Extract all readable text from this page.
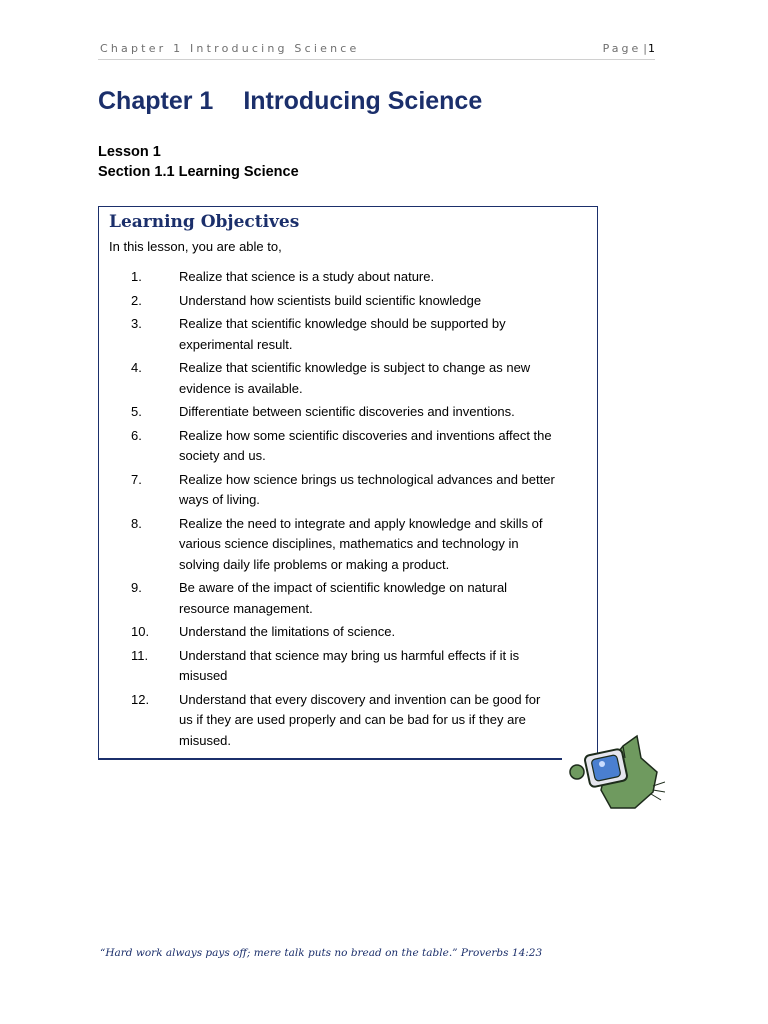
Chapter 1 Introducing Science	Page |1
Chapter 1 Introducing Science
Lesson 1
Section 1.1 Learning Science
Learning Objectives
In this lesson, you are able to,
1.	Realize that science is a study about nature.
2.	Understand how scientists build scientific knowledge
3.	Realize that scientific knowledge should be supported by
experimental result.
4.	Realize that scientific knowledge is subject to change as new
evidence is available.
5.	Differentiate between scientific discoveries and inventions.
6.	Realize how some scientific discoveries and inventions affect the
society and us.
7.	Realize how science brings us technological advances and better
ways of living.
8.	Realize the need to integrate and apply knowledge and skills of
various science disciplines, mathematics and technology in
solving daily life problems or making a product.
9.	Be aware of the impact of scientific knowledge on natural
resource management.
10.	Understand the limitations of science.
11.	Understand that science may bring us harmful effects if it is
misused
12.	Understand that every discovery and invention can be good for
us if they are used properly and can be bad for us if they are
misused.
“Hard work always pays off; mere talk puts no bread on the table.” Proverbs 14:23
